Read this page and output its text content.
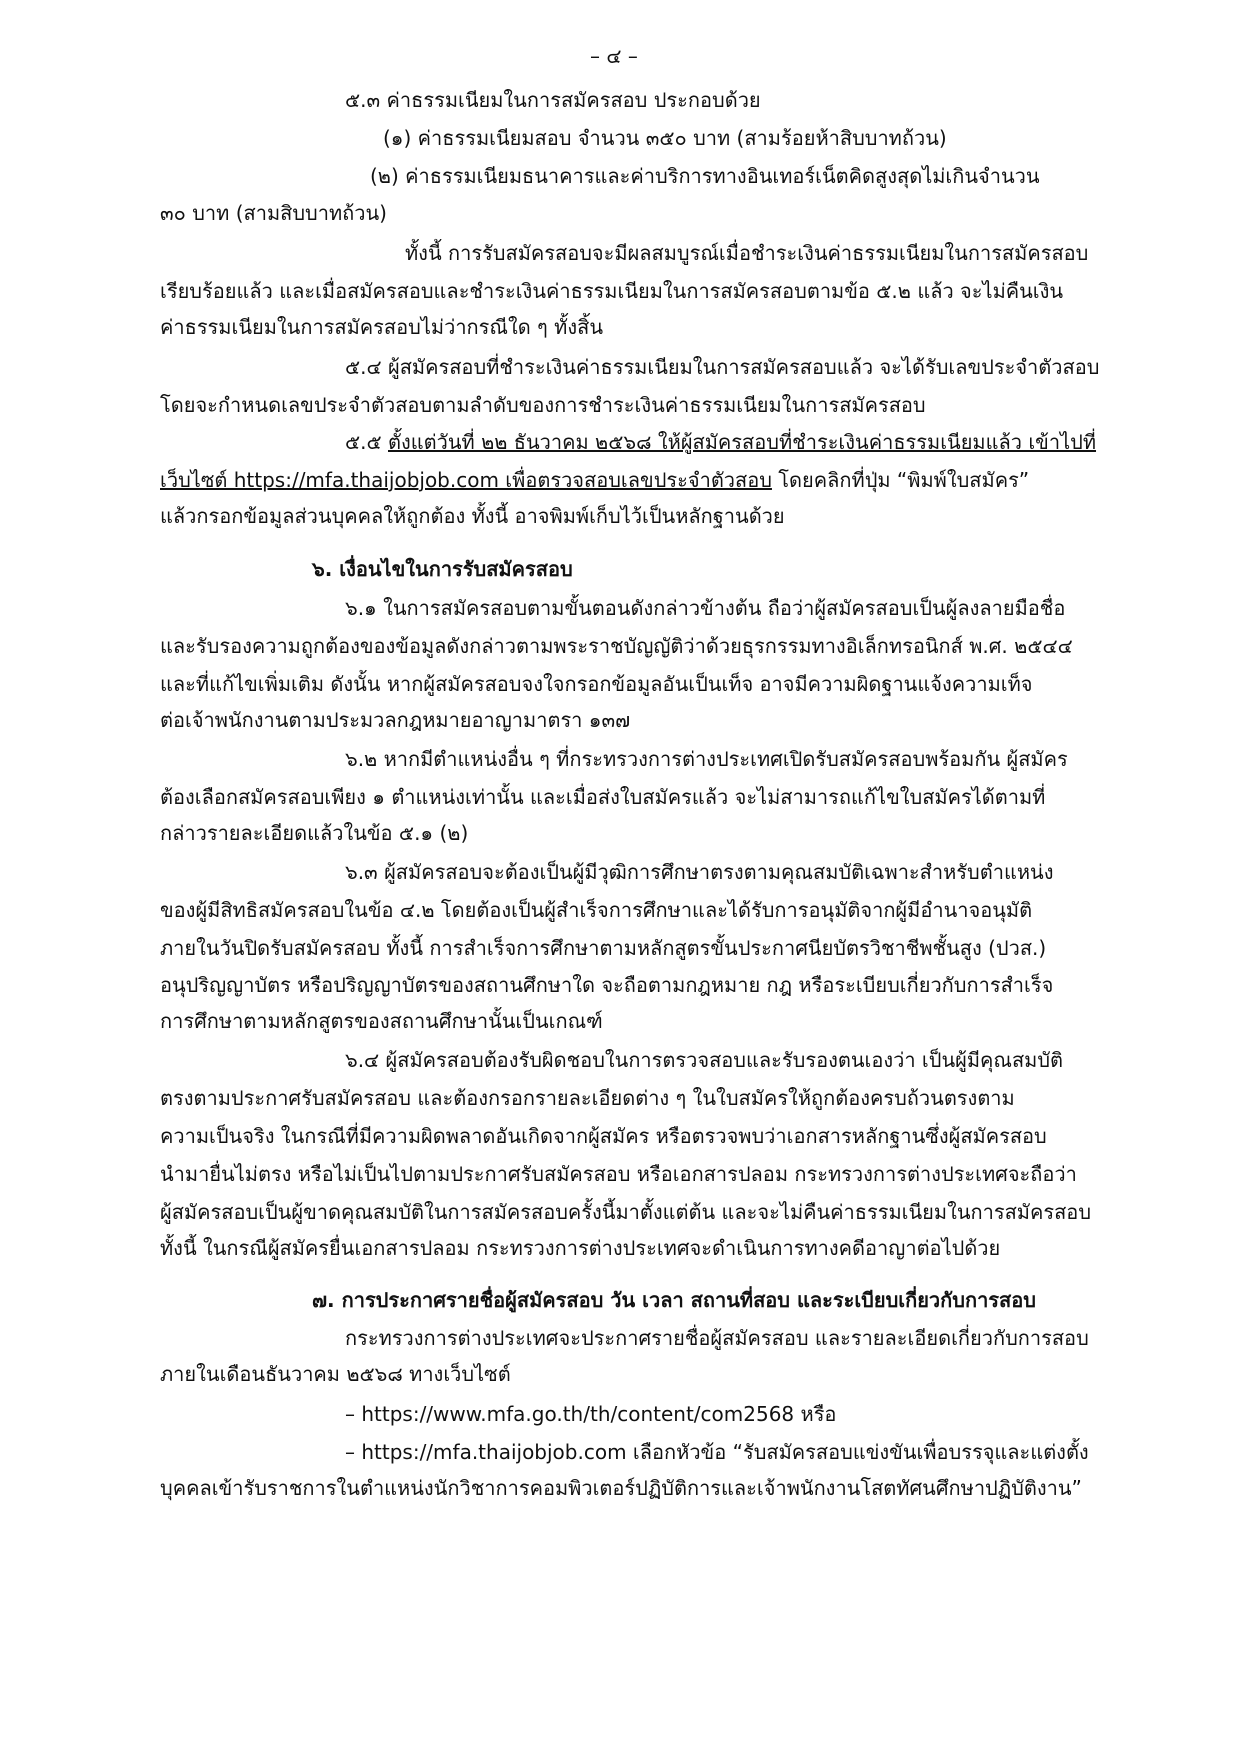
– ๔ –

๕.๓ ค่าธรรมเนียมในการสมัครสอบ ประกอบด้วย

(๑) ค่าธรรมเนียมสอบ จำนวน ๓๕๐ บาท (สามร้อยห้าสิบบาทถ้วน)

(๒) ค่าธรรมเนียมธนาคารและค่าบริการทางอินเทอร์เน็ตคิดสูงสุดไม่เกินจำนวน

๓๐ บาท (สามสิบบาทถ้วน)

ทั้งนี้ การรับสมัครสอบจะมีผลสมบูรณ์เมื่อชำระเงินค่าธรรมเนียมในการสมัครสอบ

เรียบร้อยแล้ว และเมื่อสมัครสอบและชำระเงินค่าธรรมเนียมในการสมัครสอบตามข้อ ๕.๒ แล้ว จะไม่คืนเงิน

ค่าธรรมเนียมในการสมัครสอบไม่ว่ากรณีใด ๆ ทั้งสิ้น

๕.๔ ผู้สมัครสอบที่ชำระเงินค่าธรรมเนียมในการสมัครสอบแล้ว จะได้รับเลขประจำตัวสอบ

โดยจะกำหนดเลขประจำตัวสอบตามลำดับของการชำระเงินค่าธรรมเนียมในการสมัครสอบ

๕.๕ ตั้งแต่วันที่ ๒๒ ธันวาคม ๒๕๖๘ ให้ผู้สมัครสอบที่ชำระเงินค่าธรรมเนียมแล้ว เข้าไปที่

เว็บไซต์ https://mfa.thaijobjob.com เพื่อตรวจสอบเลขประจำตัวสอบ โดยคลิกที่ปุ่ม “พิมพ์ใบสมัคร”

แล้วกรอกข้อมูลส่วนบุคคลให้ถูกต้อง ทั้งนี้ อาจพิมพ์เก็บไว้เป็นหลักฐานด้วย

๖. เงื่อนไขในการรับสมัครสอบ

๖.๑ ในการสมัครสอบตามขั้นตอนดังกล่าวข้างต้น ถือว่าผู้สมัครสอบเป็นผู้ลงลายมือชื่อ

และรับรองความถูกต้องของข้อมูลดังกล่าวตามพระราชบัญญัติว่าด้วยธุรกรรมทางอิเล็กทรอนิกส์ พ.ศ. ๒๕๔๔

และที่แก้ไขเพิ่มเติม ดังนั้น หากผู้สมัครสอบจงใจกรอกข้อมูลอันเป็นเท็จ อาจมีความผิดฐานแจ้งความเท็จ

ต่อเจ้าพนักงานตามประมวลกฎหมายอาญามาตรา ๑๓๗

๖.๒ หากมีตำแหน่งอื่น ๆ ที่กระทรวงการต่างประเทศเปิดรับสมัครสอบพร้อมกัน ผู้สมัคร

ต้องเลือกสมัครสอบเพียง ๑ ตำแหน่งเท่านั้น และเมื่อส่งใบสมัครแล้ว จะไม่สามารถแก้ไขใบสมัครได้ตามที่

กล่าวรายละเอียดแล้วในข้อ ๕.๑ (๒)

๖.๓ ผู้สมัครสอบจะต้องเป็นผู้มีวุฒิการศึกษาตรงตามคุณสมบัติเฉพาะสำหรับตำแหน่ง

ของผู้มีสิทธิสมัครสอบในข้อ ๔.๒ โดยต้องเป็นผู้สำเร็จการศึกษาและได้รับการอนุมัติจากผู้มีอำนาจอนุมัติ

ภายในวันปิดรับสมัครสอบ ทั้งนี้ การสำเร็จการศึกษาตามหลักสูตรขั้นประกาศนียบัตรวิชาชีพชั้นสูง (ปวส.)

อนุปริญญาบัตร หรือปริญญาบัตรของสถานศึกษาใด จะถือตามกฎหมาย กฎ หรือระเบียบเกี่ยวกับการสำเร็จ

การศึกษาตามหลักสูตรของสถานศึกษานั้นเป็นเกณฑ์

๖.๔ ผู้สมัครสอบต้องรับผิดชอบในการตรวจสอบและรับรองตนเองว่า เป็นผู้มีคุณสมบัติ

ตรงตามประกาศรับสมัครสอบ และต้องกรอกรายละเอียดต่าง ๆ ในใบสมัครให้ถูกต้องครบถ้วนตรงตาม

ความเป็นจริง ในกรณีที่มีความผิดพลาดอันเกิดจากผู้สมัคร หรือตรวจพบว่าเอกสารหลักฐานซึ่งผู้สมัครสอบ

นำมายื่นไม่ตรง หรือไม่เป็นไปตามประกาศรับสมัครสอบ หรือเอกสารปลอม กระทรวงการต่างประเทศจะถือว่า

ผู้สมัครสอบเป็นผู้ขาดคุณสมบัติในการสมัครสอบครั้งนี้มาตั้งแต่ต้น และจะไม่คืนค่าธรรมเนียมในการสมัครสอบ

ทั้งนี้ ในกรณีผู้สมัครยื่นเอกสารปลอม กระทรวงการต่างประเทศจะดำเนินการทางคดีอาญาต่อไปด้วย

๗. การประกาศรายชื่อผู้สมัครสอบ วัน เวลา สถานที่สอบ และระเบียบเกี่ยวกับการสอบ

กระทรวงการต่างประเทศจะประกาศรายชื่อผู้สมัครสอบ และรายละเอียดเกี่ยวกับการสอบ

ภายในเดือนธันวาคม ๒๕๖๘ ทางเว็บไซต์

– https://www.mfa.go.th/th/content/com2568 หรือ

– https://mfa.thaijobjob.com เลือกหัวข้อ “รับสมัครสอบแข่งขันเพื่อบรรจุและแต่งตั้ง

บุคคลเข้ารับราชการในตำแหน่งนักวิชาการคอมพิวเตอร์ปฏิบัติการและเจ้าพนักงานโสตทัศนศึกษาปฏิบัติงาน”
